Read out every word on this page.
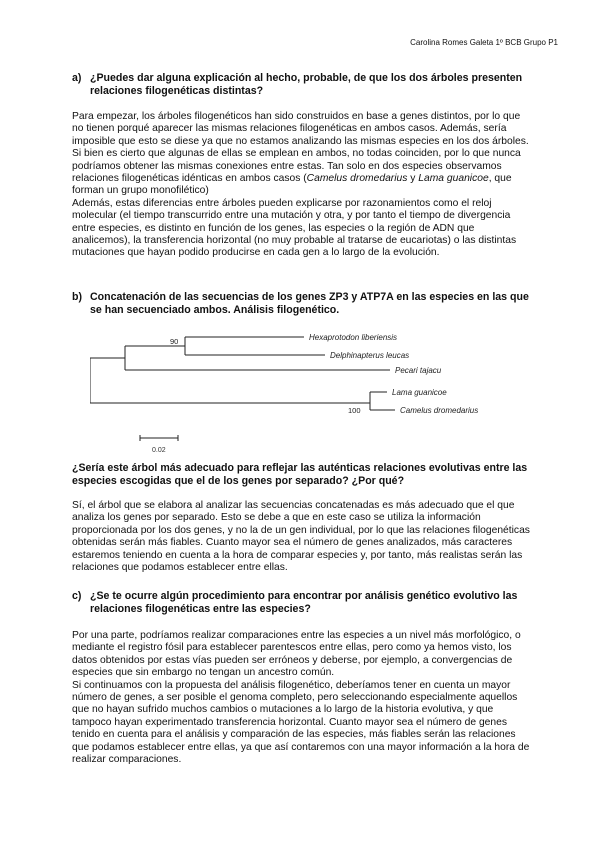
Carolina Romes Galeta 1º BCB Grupo P1
a) ¿Puedes dar alguna explicación al hecho, probable, de que los dos árboles presenten relaciones filogenéticas distintas?

Para empezar, los árboles filogenéticos han sido construidos en base a genes distintos, por lo que no tienen porqué aparecer las mismas relaciones filogenéticas en ambos casos. Además, sería imposible que esto se diese ya que no estamos analizando las mismas especies en los dos árboles. Si bien es cierto que algunas de ellas se emplean en ambos, no todas coinciden, por lo que nunca podríamos obtener las mismas conexiones entre estas. Tan solo en dos especies observamos relaciones filogenéticas idénticas en ambos casos (Camelus dromedarius y Lama guanicoe, que forman un grupo monofilético)

Además, estas diferencias entre árboles pueden explicarse por razonamientos como el reloj molecular (el tiempo transcurrido entre una mutación y otra, y por tanto el tiempo de divergencia entre especies, es distinto en función de los genes, las especies o la región de ADN que analicemos), la transferencia horizontal (no muy probable al tratarse de eucariotas) o las distintas mutaciones que hayan podido producirse en cada gen a lo largo de la evolución.

b) Concatenación de las secuencias de los genes ZP3 y ATP7A en las especies en las que se han secuenciado ambos. Análisis filogenético.
Hexaprotodon liberiensis
Delphinapterus leucas
Pecari tajacu
Lama guanicoe
Camelus dromedarius
90
100
0.02
¿Sería este árbol más adecuado para reflejar las auténticas relaciones evolutivas entre las especies escogidas que el de los genes por separado? ¿Por qué?

Sí, el árbol que se elabora al analizar las secuencias concatenadas es más adecuado que el que analiza los genes por separado. Esto se debe a que en este caso se utiliza la información proporcionada por los dos genes, y no la de un gen individual, por lo que las relaciones filogenéticas obtenidas serán más fiables. Cuanto mayor sea el número de genes analizados, más caracteres estaremos teniendo en cuenta a la hora de comparar especies y, por tanto, más realistas serán las relaciones que podamos establecer entre ellas.

c) ¿Se te ocurre algún procedimiento para encontrar por análisis genético evolutivo las relaciones filogenéticas entre las especies?

Por una parte, podríamos realizar comparaciones entre las especies a un nivel más morfológico, o mediante el registro fósil para establecer parentescos entre ellas, pero como ya hemos visto, los datos obtenidos por estas vías pueden ser erróneos y deberse, por ejemplo, a convergencias de especies que sin embargo no tengan un ancestro común.

Si continuamos con la propuesta del análisis filogenético, deberíamos tener en cuenta un mayor número de genes, a ser posible el genoma completo, pero seleccionando especialmente aquellos que no hayan sufrido muchos cambios o mutaciones a lo largo de la historia evolutiva, y que tampoco hayan experimentado transferencia horizontal. Cuanto mayor sea el número de genes tenido en cuenta para el análisis y comparación de las especies, más fiables serán las relaciones que podamos establecer entre ellas, ya que así contaremos con una mayor información a la hora de realizar comparaciones.
